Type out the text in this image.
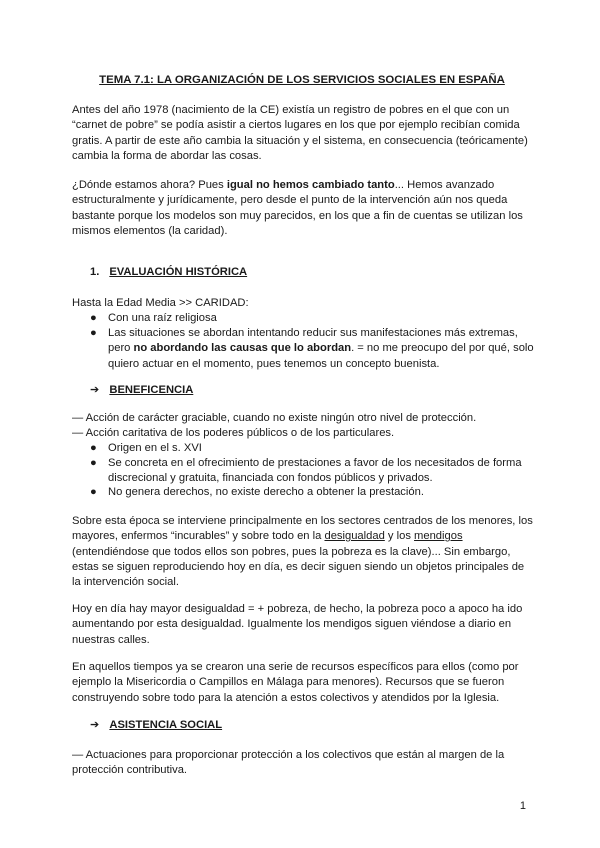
TEMA 7.1: LA ORGANIZACIÓN DE LOS SERVICIOS SOCIALES EN ESPAÑA

Antes del año 1978 (nacimiento de la CE) existía un registro de pobres en el que con un “carnet de pobre” se podía asistir a ciertos lugares en los que por ejemplo recibían comida gratis. A partir de este año cambia la situación y el sistema, en consecuencia (teóricamente) cambia la forma de abordar las cosas.

¿Dónde estamos ahora? Pues igual no hemos cambiado tanto... Hemos avanzado estructuralmente y jurídicamente, pero desde el punto de la intervención aún nos queda bastante porque los modelos son muy parecidos, en los que a fin de cuentas se utilizan los mismos elementos (la caridad).

1. EVALUACIÓN HISTÓRICA

Hasta la Edad Media >> CARIDAD:

● Con una raíz religiosa
● Las situaciones se abordan intentando reducir sus manifestaciones más extremas, pero no abordando las causas que lo abordan. = no me preocupo del por qué, solo quiero actuar en el momento, pues tenemos un concepto buenista.
➔ BENEFICENCIA

— Acción de carácter graciable, cuando no existe ningún otro nivel de protección.

— Acción caritativa de los poderes públicos o de los particulares.

● Origen en el s. XVI
● Se concreta en el ofrecimiento de prestaciones a favor de los necesitados de forma discrecional y gratuita, financiada con fondos públicos y privados.
● No genera derechos, no existe derecho a obtener la prestación.

Sobre esta época se interviene principalmente en los sectores centrados de los menores, los mayores, enfermos “incurables” y sobre todo en la desigualdad y los mendigos (entendiéndose que todos ellos son pobres, pues la pobreza es la clave)... Sin embargo, estas se siguen reproduciendo hoy en día, es decir siguen siendo un objetos principales de la intervención social.

Hoy en día hay mayor desigualdad = + pobreza, de hecho, la pobreza poco a apoco ha ido aumentando por esta desigualdad. Igualmente los mendigos siguen viéndose a diario en nuestras calles.

En aquellos tiempos ya se crearon una serie de recursos específicos para ellos (como por ejemplo la Misericordia o Campillos en Málaga para menores). Recursos que se fueron construyendo sobre todo para la atención a estos colectivos y atendidos por la Iglesia.

➔ ASISTENCIA SOCIAL

— Actuaciones para proporcionar protección a los colectivos que están al margen de la protección contributiva.

1
